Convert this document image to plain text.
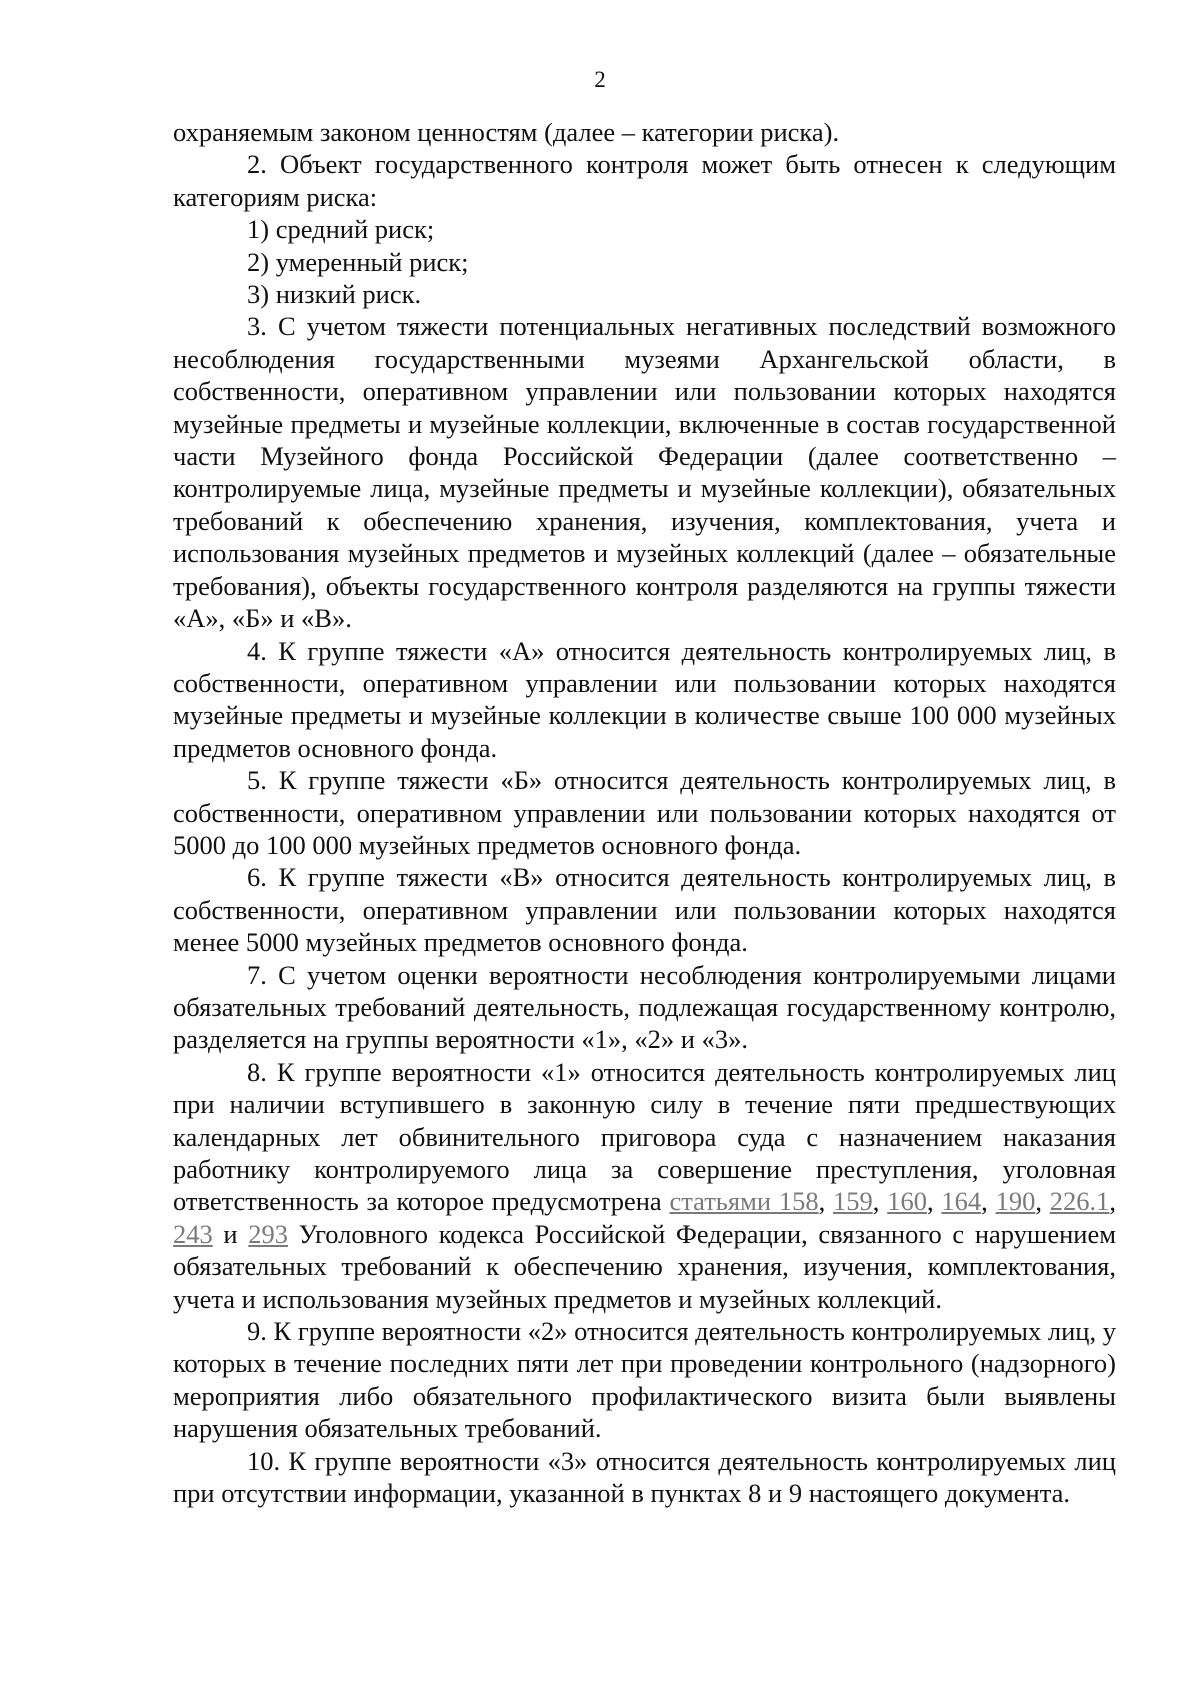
2

охраняемым законом ценностям (далее – категории риска).

2. Объект государственного контроля может быть отнесен к следующим категориям риска:

1) средний риск;

2) умеренный риск;

3) низкий риск.

3. С учетом тяжести потенциальных негативных последствий возможного несоблюдения государственными музеями Архангельской области, в собственности, оперативном управлении или пользовании которых находятся музейные предметы и музейные коллекции, включенные в состав государственной части Музейного фонда Российской Федерации (далее соответственно – контролируемые лица, музейные предметы и музейные коллекции), обязательных требований к обеспечению хранения, изучения, комплектования, учета и использования музейных предметов и музейных коллекций (далее – обязательные требования), объекты государственного контроля разделяются на группы тяжести «А», «Б» и «В».

4. К группе тяжести «А» относится деятельность контролируемых лиц, в собственности, оперативном управлении или пользовании которых находятся музейные предметы и музейные коллекции в количестве свыше 100 000 музейных предметов основного фонда.

5. К группе тяжести «Б» относится деятельность контролируемых лиц, в собственности, оперативном управлении или пользовании которых находятся от 5000 до 100 000 музейных предметов основного фонда.

6. К группе тяжести «В» относится деятельность контролируемых лиц, в собственности, оперативном управлении или пользовании которых находятся менее 5000 музейных предметов основного фонда.

7. С учетом оценки вероятности несоблюдения контролируемыми лицами обязательных требований деятельность, подлежащая государственному контролю, разделяется на группы вероятности «1», «2» и «3».

8. К группе вероятности «1» относится деятельность контролируемых лиц при наличии вступившего в законную силу в течение пяти предшествующих календарных лет обвинительного приговора суда с назначением наказания работнику контролируемого лица за совершение преступления, уголовная ответственность за которое предусмотрена статьями 158, 159, 160, 164, 190, 226.1, 243 и 293 Уголовного кодекса Российской Федерации, связанного с нарушением обязательных требований к обеспечению хранения, изучения, комплектования, учета и использования музейных предметов и музейных коллекций.

9. К группе вероятности «2» относится деятельность контролируемых лиц, у которых в течение последних пяти лет при проведении контрольного (надзорного) мероприятия либо обязательного профилактического визита были выявлены нарушения обязательных требований.

10. К группе вероятности «3» относится деятельность контролируемых лиц при отсутствии информации, указанной в пунктах 8 и 9 настоящего документа.
